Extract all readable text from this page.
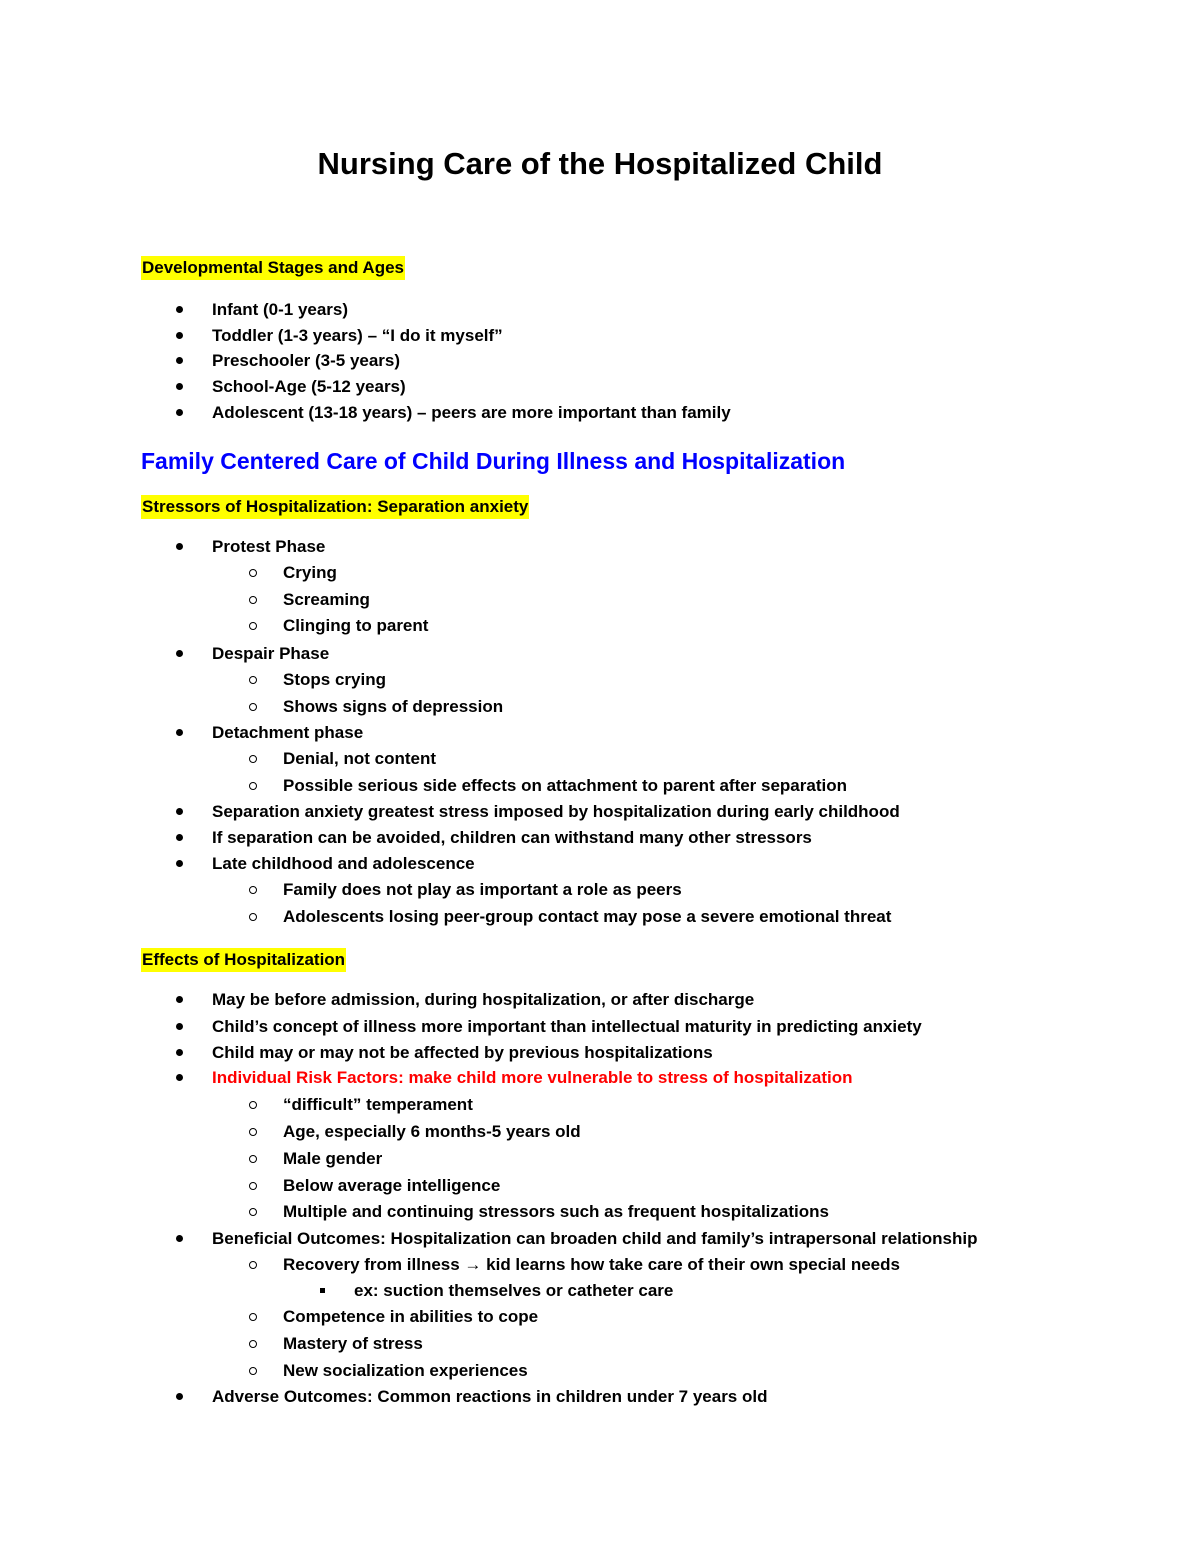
Nursing Care of the Hospitalized Child
Developmental Stages and Ages
Infant (0-1 years)
Toddler (1-3 years) – “I do it myself”
Preschooler (3-5 years)
School-Age (5-12 years)
Adolescent (13-18 years) – peers are more important than family
Family Centered Care of Child During Illness and Hospitalization
Stressors of Hospitalization: Separation anxiety
Protest Phase
Crying
Screaming
Clinging to parent
Despair Phase
Stops crying
Shows signs of depression
Detachment phase
Denial, not content
Possible serious side effects on attachment to parent after separation
Separation anxiety greatest stress imposed by hospitalization during early childhood
If separation can be avoided, children can withstand many other stressors
Late childhood and adolescence
Family does not play as important a role as peers
Adolescents losing peer-group contact may pose a severe emotional threat
Effects of Hospitalization
May be before admission, during hospitalization, or after discharge
Child’s concept of illness more important than intellectual maturity in predicting anxiety
Child may or may not be affected by previous hospitalizations
Individual Risk Factors: make child more vulnerable to stress of hospitalization
“difficult” temperament
Age, especially 6 months-5 years old
Male gender
Below average intelligence
Multiple and continuing stressors such as frequent hospitalizations
Beneficial Outcomes: Hospitalization can broaden child and family’s intrapersonal relationship
Recovery from illness → kid learns how take care of their own special needs
ex: suction themselves or catheter care
Competence in abilities to cope
Mastery of stress
New socialization experiences
Adverse Outcomes: Common reactions in children under 7 years old
